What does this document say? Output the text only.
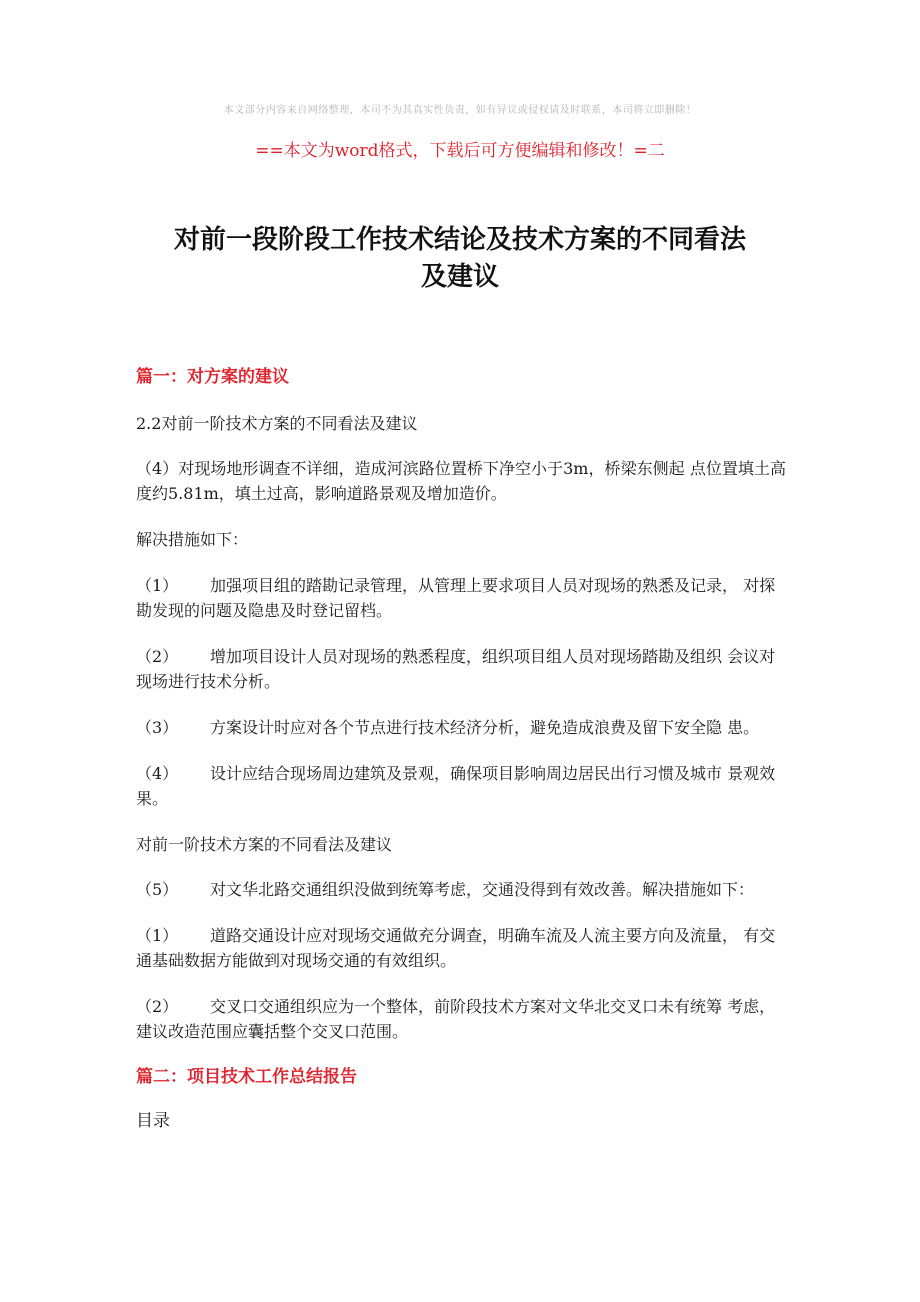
本文部分内容来自网络整理，本司不为其真实性负责，如有异议或侵权请及时联系，本司将立即删除！
==本文为word格式，下载后可方便编辑和修改！=二
对前一段阶段工作技术结论及技术方案的不同看法
及建议

篇一：对方案的建议

2.2对前一阶技术方案的不同看法及建议

（4）对现场地形调查不详细，造成河滨路位置桥下净空小于3m，桥梁东侧起 点位置填土高度约5.81m，填土过高，影响道路景观及增加造价。

解决措施如下：

（1） 加强项目组的踏勘记录管理，从管理上要求项目人员对现场的熟悉及记录， 对探勘发现的问题及隐患及时登记留档。

（2） 增加项目设计人员对现场的熟悉程度，组织项目组人员对现场踏勘及组织 会议对现场进行技术分析。

（3） 方案设计时应对各个节点进行技术经济分析，避免造成浪费及留下安全隐 患。

（4） 设计应结合现场周边建筑及景观，确保项目影响周边居民出行习惯及城市 景观效果。

对前一阶技术方案的不同看法及建议

（5） 对文华北路交通组织没做到统筹考虑，交通没得到有效改善。解决措施如下：

（1） 道路交通设计应对现场交通做充分调查，明确车流及人流主要方向及流量， 有交通基础数据方能做到对现场交通的有效组织。

（2） 交叉口交通组织应为一个整体，前阶段技术方案对文华北交叉口未有统筹 考虑，建议改造范围应囊括整个交叉口范围。

篇二：项目技术工作总结报告

目录
